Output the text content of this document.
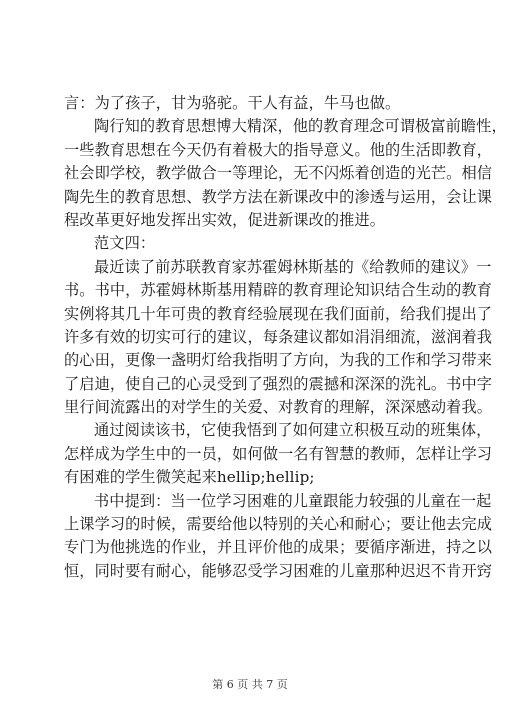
言：为了孩子，甘为骆驼。干人有益，牛马也做。
陶行知的教育思想博大精深，他的教育理念可谓极富前瞻性，
一些教育思想在今天仍有着极大的指导意义。他的生活即教育，
社会即学校，教学做合一等理论，无不闪烁着创造的光芒。相信
陶先生的教育思想、教学方法在新课改中的渗透与运用，会让课
程改革更好地发挥出实效，促进新课改的推进。
范文四：
最近读了前苏联教育家苏霍姆林斯基的《给教师的建议》一
书。书中，苏霍姆林斯基用精辟的教育理论知识结合生动的教育
实例将其几十年可贵的教育经验展现在我们面前，给我们提出了
许多有效的切实可行的建议，每条建议都如涓涓细流，滋润着我
的心田，更像一盏明灯给我指明了方向，为我的工作和学习带来
了启迪，使自己的心灵受到了强烈的震撼和深深的洗礼。书中字
里行间流露出的对学生的关爱、对教育的理解，深深感动着我。
通过阅读该书，它使我悟到了如何建立积极互动的班集体，
怎样成为学生中的一员，如何做一名有智慧的教师，怎样让学习
有困难的学生微笑起来hellip;hellip;
书中提到：当一位学习困难的儿童跟能力较强的儿童在一起
上课学习的时候，需要给他以特别的关心和耐心；要让他去完成
专门为他挑选的作业，并且评价他的成果；要循序渐进，持之以
恒，同时要有耐心，能够忍受学习困难的儿童那种迟迟不肯开窍
第 6 页 共 7 页
